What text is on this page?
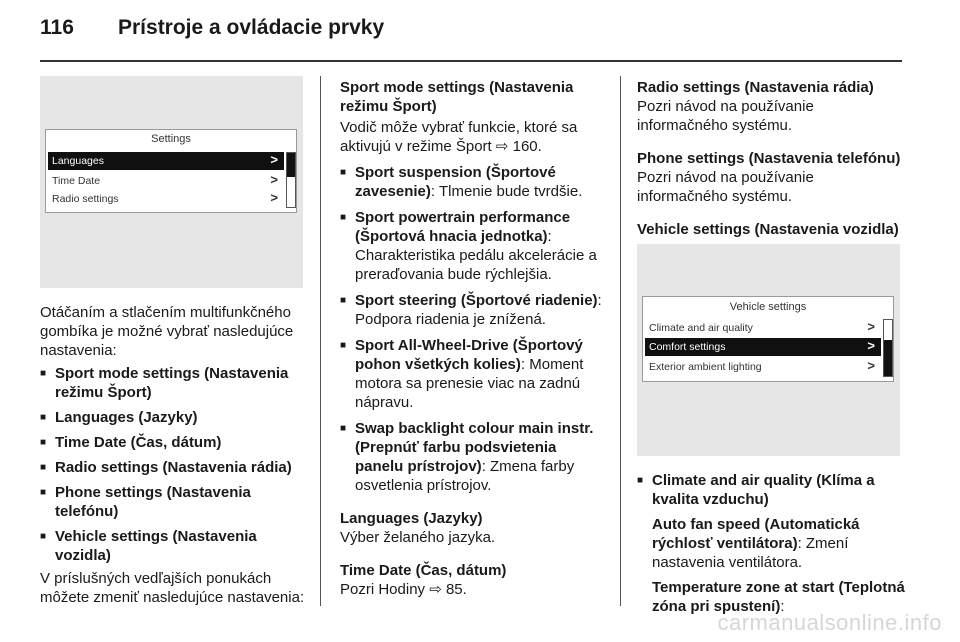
116 Prístroje a ovládacie prvky
Settings
Languages	>
Time Date	>
Radio settings	>

Otáčaním a stlačením multifunkčného gombíka je možné vybrať nasledujúce nastavenia:

■ Sport mode settings (Nastavenia režimu Šport)

■ Languages (Jazyky)

■ Time Date (Čas, dátum)

■ Radio settings (Nastavenia rádia)

■ Phone settings (Nastavenia telefónu)

■ Vehicle settings (Nastavenia vozidla)

V príslušných vedľajších ponukách môžete zmeniť nasledujúce nastavenia:

Sport mode settings (Nastavenia režimu Šport)

Vodič môže vybrať funkcie, ktoré sa aktivujú v režime Šport ⇨ 160.

■ Sport suspension (Športové zavesenie): Tlmenie bude tvrdšie.

■ Sport powertrain performance (Športová hnacia jednotka): Charakteristika pedálu akcelerácie a preraďovania bude rýchlejšia.

■ Sport steering (Športové riadenie): Podpora riadenia je znížená.

■ Sport All-Wheel-Drive (Športový pohon všetkých kolies): Moment motora sa prenesie viac na zadnú nápravu.

■ Swap backlight colour main instr. (Prepnúť farbu podsvietenia panelu prístrojov): Zmena farby osvetlenia prístrojov.

Languages (Jazyky)

Výber želaného jazyka.

Time Date (Čas, dátum)

Pozri Hodiny ⇨ 85.

Radio settings (Nastavenia rádia)

Pozri návod na používanie informačného systému.

Phone settings (Nastavenia telefónu)

Pozri návod na používanie informačného systému.

Vehicle settings (Nastavenia vozidla)

Vehicle settings
Climate and air quality	>
Comfort settings	>
Exterior ambient lighting	>

■ Climate and air quality (Klíma a kvalita vzduchu)

Auto fan speed (Automatická rýchlosť ventilátora): Zmení nastavenia ventilátora.

Temperature zone at start (Teplotná zóna pri spustení):

carmanualsonline.info
